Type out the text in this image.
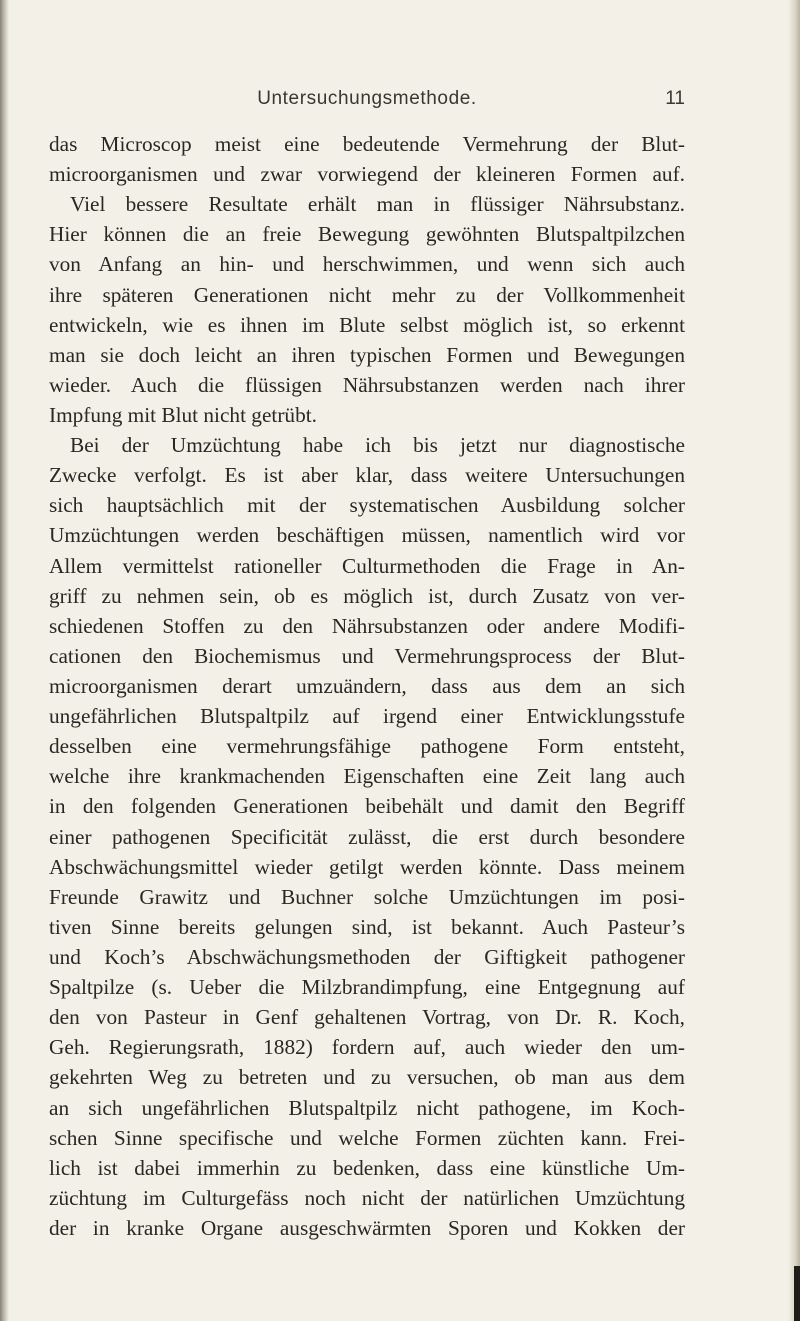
Untersuchungsmethode.	11
das Microscop meist eine bedeutende Vermehrung der Blut-
microorganismen und zwar vorwiegend der kleineren Formen auf.
Viel bessere Resultate erhält man in flüssiger Nährsubstanz.
Hier können die an freie Bewegung gewöhnten Blutspaltpilzchen
von Anfang an hin- und herschwimmen, und wenn sich auch
ihre späteren Generationen nicht mehr zu der Vollkommenheit
entwickeln, wie es ihnen im Blute selbst möglich ist, so erkennt
man sie doch leicht an ihren typischen Formen und Bewegungen
wieder. Auch die flüssigen Nährsubstanzen werden nach ihrer
Impfung mit Blut nicht getrübt.
Bei der Umzüchtung habe ich bis jetzt nur diagnostische
Zwecke verfolgt. Es ist aber klar, dass weitere Untersuchungen
sich hauptsächlich mit der systematischen Ausbildung solcher
Umzüchtungen werden beschäftigen müssen, namentlich wird vor
Allem vermittelst rationeller Culturmethoden die Frage in An-
griff zu nehmen sein, ob es möglich ist, durch Zusatz von ver-
schiedenen Stoffen zu den Nährsubstanzen oder andere Modifi-
cationen den Biochemismus und Vermehrungsprocess der Blut-
microorganismen derart umzuändern, dass aus dem an sich
ungefährlichen Blutspaltpilz auf irgend einer Entwicklungsstufe
desselben eine vermehrungsfähige pathogene Form entsteht,
welche ihre krankmachenden Eigenschaften eine Zeit lang auch
in den folgenden Generationen beibehält und damit den Begriff
einer pathogenen Specificität zulässt, die erst durch besondere
Abschwächungsmittel wieder getilgt werden könnte. Dass meinem
Freunde Grawitz und Buchner solche Umzüchtungen im posi-
tiven Sinne bereits gelungen sind, ist bekannt. Auch Pasteur’s
und Koch’s Abschwächungsmethoden der Giftigkeit pathogener
Spaltpilze (s. Ueber die Milzbrandimpfung, eine Entgegnung auf
den von Pasteur in Genf gehaltenen Vortrag, von Dr. R. Koch,
Geh. Regierungsrath, 1882) fordern auf, auch wieder den um-
gekehrten Weg zu betreten und zu versuchen, ob man aus dem
an sich ungefährlichen Blutspaltpilz nicht pathogene, im Koch-
schen Sinne specifische und welche Formen züchten kann. Frei-
lich ist dabei immerhin zu bedenken, dass eine künstliche Um-
züchtung im Culturgefäss noch nicht der natürlichen Umzüchtung
der in kranke Organe ausgeschwärmten Sporen und Kokken der
